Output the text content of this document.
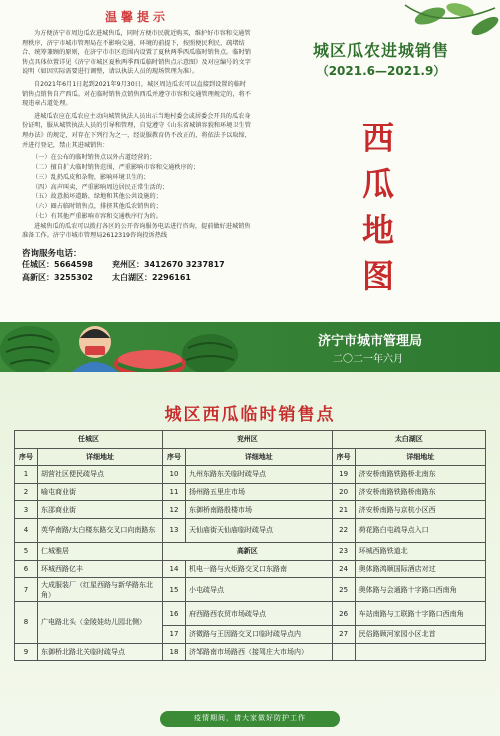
温馨提示

为方便济宁市周边瓜农进城售瓜，同时方便市民就近购买，维护好市容和交通管理秩序，济宁市城市管理局在不影响交通、环境的前提下，按照便民利民、疏堵结合、统筹兼顾的原则，在济宁市市区范围内设置了夏秋两季西瓜临时销售点。临时销售点具体位置详见《济宁市城区夏秋两季西瓜临时销售点示意图》及对应编号的文字说明（如因实际需要进行调整，请以执法人员的现场管理为准）。

自2021年6月1日起到2021年9月30日，城区周边瓜农可以直接到设置的临时销售点销售自产西瓜。对在临时销售点销售西瓜并遵守市容和交通管理规定的，将不现违章占道处理。

进城瓜农应在瓜农应主动向城管执法人员出示当地村委会或居委会开具的瓜农身份证明，服从城管执法人员的引导和管理，自觉遵守《山东省城镇容貌和环境卫生管理办法》的规定，对存在下列行为之一，经说服教育仍不改正的，将依法予以取缔，并进行登记，禁止其进城销售：

（一）在公布的临时销售点以外占道经营的；
（二）擅自扩大临时销售范围，严重影响市容和交通秩序的；
（三）乱扔瓜皮和杂物，影响环境卫生的；
（四）高声叫卖，严重影响周边居民正常生活的；
（五）故意损坏道路、绿地和其他公共设施的；
（六）圈占临时销售点，排挤其他瓜农销售的；
（七）有其他严重影响市容和交通秩序行为的。

进城售瓜的瓜农可以拨打各区的公开咨询服务电话进行咨询，提前做好进城销售准备工作。济宁市城市管理局2612319咨询投诉热线

咨询服务电话：
任城区：5664598	兖州区：3412670 3237817
高新区：3255302	太白湖区：2296161
城区瓜农进城销售
（2021.6—2021.9）
西
瓜
地
图
济宁市城市管理局
二〇二一年六月
城区西瓜临时销售点
任城区		兖州区		太白湖区	
序号	详细地址	序号	详细地址	序号	详细地址
1	胡营社区便民疏导点	10	九州东路东关临时疏导点	19	济安桥南路铁路桥北南东
2	喻屯商业街	11	扬州路五里庄市场	20	济安桥南路铁路桥南路东
3	东邵商业街	12	东御桥南路殷楼市场	21	济安桥南路与京杭小区西
4	英华南路/太白楼东路交叉口向南路东	13	天仙庙街天仙庙临时疏导点	22	荷花路白屯疏导点入口
5	仁城雅居	高新区		23	环城西路铁道北
6	环城西路亿丰	14	机电一路与火炬路交叉口东路南	24	奥体路鸿顺国际酒店对过
7	大成服装厂（红星西路与新华路东北角）	15	小屯疏导点	25	奥体路与会通路十字路口西南角
8	广电路北头（金陵娃幼儿园北侧）	16	府西路西农贸市场疏导点	26	车站南路与工联路十字路口西南角
		17	济微路与王因路交叉口临时疏导点内	27	民俗路顾河家园小区北首
9	东御桥北路北关临时疏导点	18	济邹路南市场路西（接驾庄大市场内）		
疫情期间，请大家做好防护工作
